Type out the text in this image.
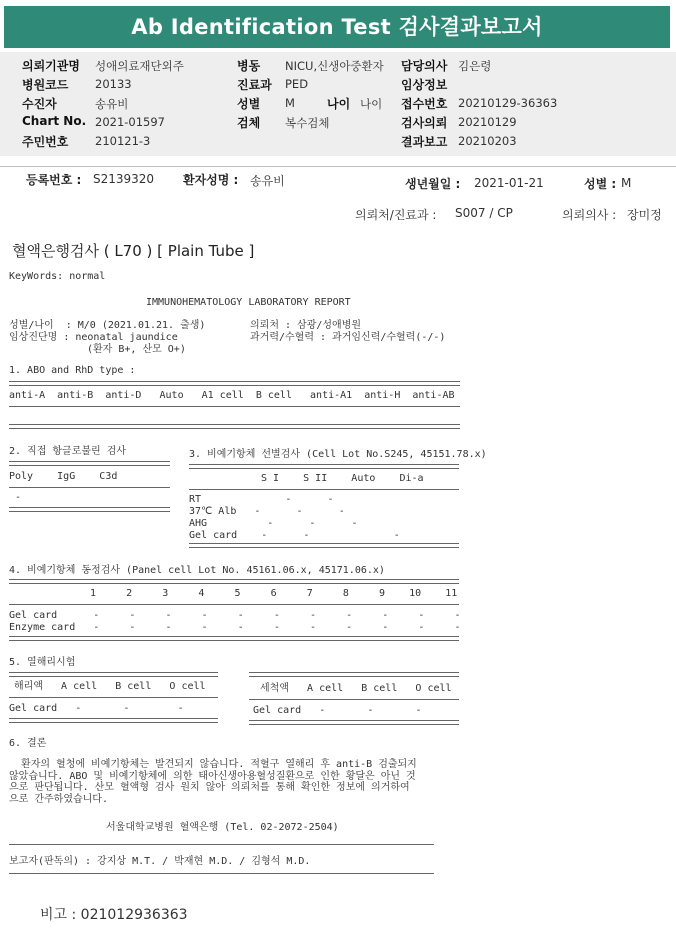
Ab Identification Test 검사결과보고서
의뢰기관명 성애의료재단외주
병원코드 20133
수진자	송유비
Chart No. 2021-01597
주민번호 210121-3
병동 NICU,신생아중환자
진료과 PED
성별 M	나이 나이
검체 복수검체
담당의사 김은령
임상정보
접수번호 20210129-36363
검사의뢰 20210129
결과보고 20210203
등록번호 : S2139320 환자성명 : 송유비	생년월일 : 2021-01-21	성별 : M
의뢰처/진료과 : S007 / CP	의뢰의사 : 장미정
혈액은행검사 ( L70 ) [ Plain Tube ]
KeyWords: normal
IMMUNOHEMATOLOGY LABORATORY REPORT
성별/나이  : M/0 (2021.01.21. 출생)
임상진단명 : neonatal jaundice
(환자 B+, 산모 O+)
의뢰처 : 삼광/성애병원
과거력/수혈력 : 과거임신력/수혈력(-/-)
1. ABO and RhD type :
anti-A  anti-B  anti-D   Auto   A1 cell  B cell   anti-A1  anti-H  anti-AB
2. 직접 항글로불린 검사
Poly    IgG    C3d
-
3. 비예기항체 선별검사 (Cell Lot No.S245, 45151.78.x)
S I    S II    Auto    Di-a
RT              -      -
37℃ Alb   -      -      -
AHG          -      -      -
Gel card    -      -              -
4. 비예기항체 동정검사 (Panel cell Lot No. 45161.06.x, 45171.06.x)
1     2     3     4     5     6     7     8     9    10    11
Gel card      -     -     -     -     -     -     -     -     -     -     -
Enzyme card   -     -     -     -     -     -     -     -     -     -     -
5. 열해리시험
해리액   A cell   B cell   O cell
Gel card   -       -        -
세척액   A cell   B cell   O cell
Gel card   -       -       -
6. 결론
환자의 혈청에 비예기항체는 발견되지 않습니다. 적혈구 열해리 후 anti-B 검출되지
않았습니다. ABO 및 비예기항체에 의한 태아신생아용혈성질환으로 인한 황달은 아닌 것
으로 판단됩니다. 산모 혈액형 검사 원치 않아 의뢰처를 통해 확인한 정보에 의거하여
으로 간주하였습니다.
서울대학교병원 혈액은행 (Tel. 02-2072-2504)
보고자(판독의) : 강지상 M.T. / 박재현 M.D. / 김형석 M.D.
비고 : 021012936363
